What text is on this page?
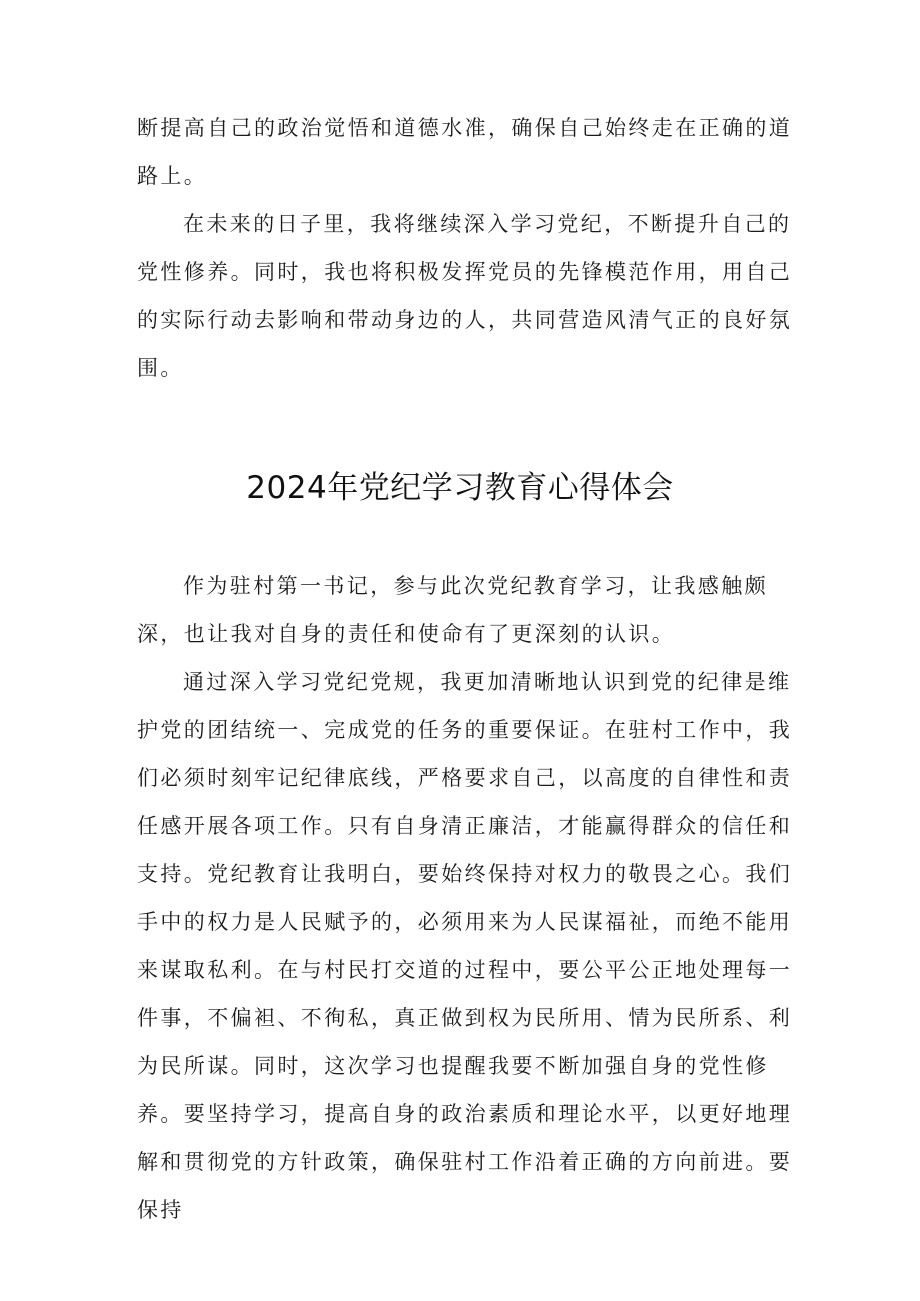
断提高自己的政治觉悟和道德水准，确保自己始终走在正确的道路上。

在未来的日子里，我将继续深入学习党纪，不断提升自己的党性修养。同时，我也将积极发挥党员的先锋模范作用，用自己的实际行动去影响和带动身边的人，共同营造风清气正的良好氛围。

2024年党纪学习教育心得体会

作为驻村第一书记，参与此次党纪教育学习，让我感触颇深，也让我对自身的责任和使命有了更深刻的认识。

通过深入学习党纪党规，我更加清晰地认识到党的纪律是维护党的团结统一、完成党的任务的重要保证。在驻村工作中，我们必须时刻牢记纪律底线，严格要求自己，以高度的自律性和责任感开展各项工作。只有自身清正廉洁，才能赢得群众的信任和支持。党纪教育让我明白，要始终保持对权力的敬畏之心。我们手中的权力是人民赋予的，必须用来为人民谋福祉，而绝不能用来谋取私利。在与村民打交道的过程中，要公平公正地处理每一件事，不偏袒、不徇私，真正做到权为民所用、情为民所系、利为民所谋。同时，这次学习也提醒我要不断加强自身的党性修养。要坚持学习，提高自身的政治素质和理论水平，以更好地理解和贯彻党的方针政策，确保驻村工作沿着正确的方向前进。要保持
